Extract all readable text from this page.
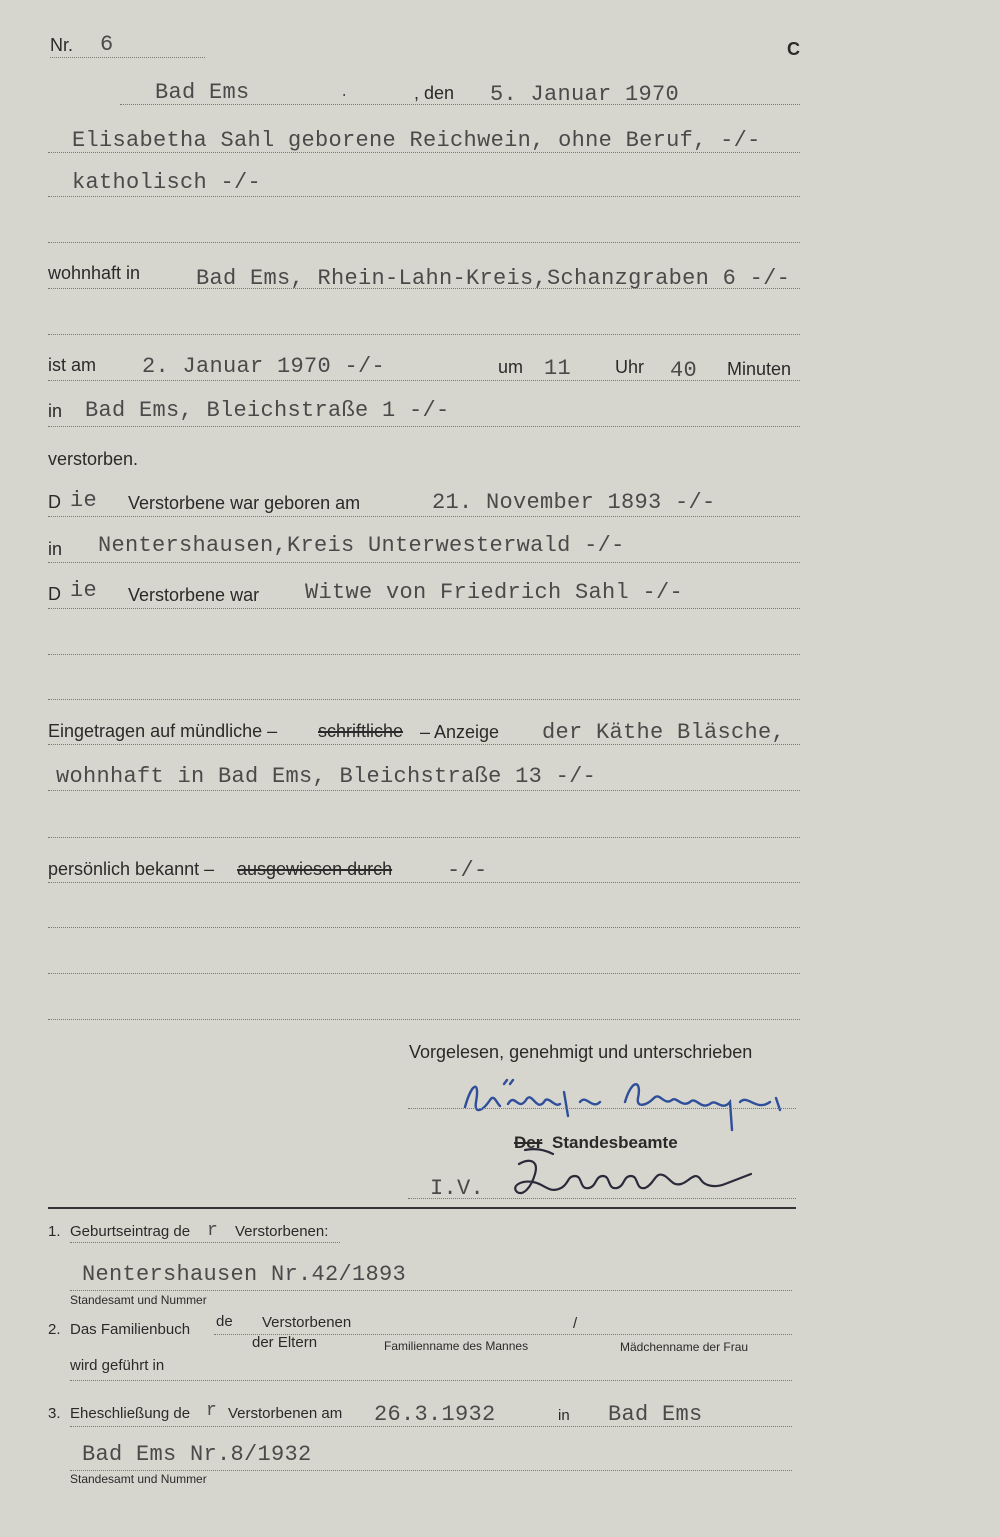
Nr. 6	C
Bad Ems	.	, den 5. Januar 1970
Elisabetha Sahl geborene Reichwein, ohne Beruf, -/-
katholisch -/-
wohnhaft in	Bad Ems, Rhein-Lahn-Kreis,Schanzgraben 6 -/-
ist am 2. Januar 1970 -/-	um 11 Uhr 40 Minuten
in Bad Ems, Bleichstraße 1 -/-
verstorben.
D ie Verstorbene war geboren am	21. November 1893 -/-
in Nentershausen,Kreis Unterwesterwald -/-
D ie Verstorbene war Witwe von Friedrich Sahl -/-
Eingetragen auf mündliche – schriftliche – Anzeige der Käthe Bläsche,
wohnhaft in Bad Ems, Bleichstraße 13 -/-
persönlich bekannt – ausgewiesen durch -/-
Vorgelesen, genehmigt und unterschrieben
Der Standesbeamte
I.V.
1. Geburtseintrag de r Verstorbenen:
Nentershausen Nr.42/1893
Standesamt und Nummer
2. Das Familienbuch de Verstorbenen
der Eltern
/
Familienname des Mannes	Mädchenname der Frau
wird geführt in
3. Eheschließung de r Verstorbenen am 26.3.1932	in Bad Ems
Bad Ems Nr.8/1932
Standesamt und Nummer
